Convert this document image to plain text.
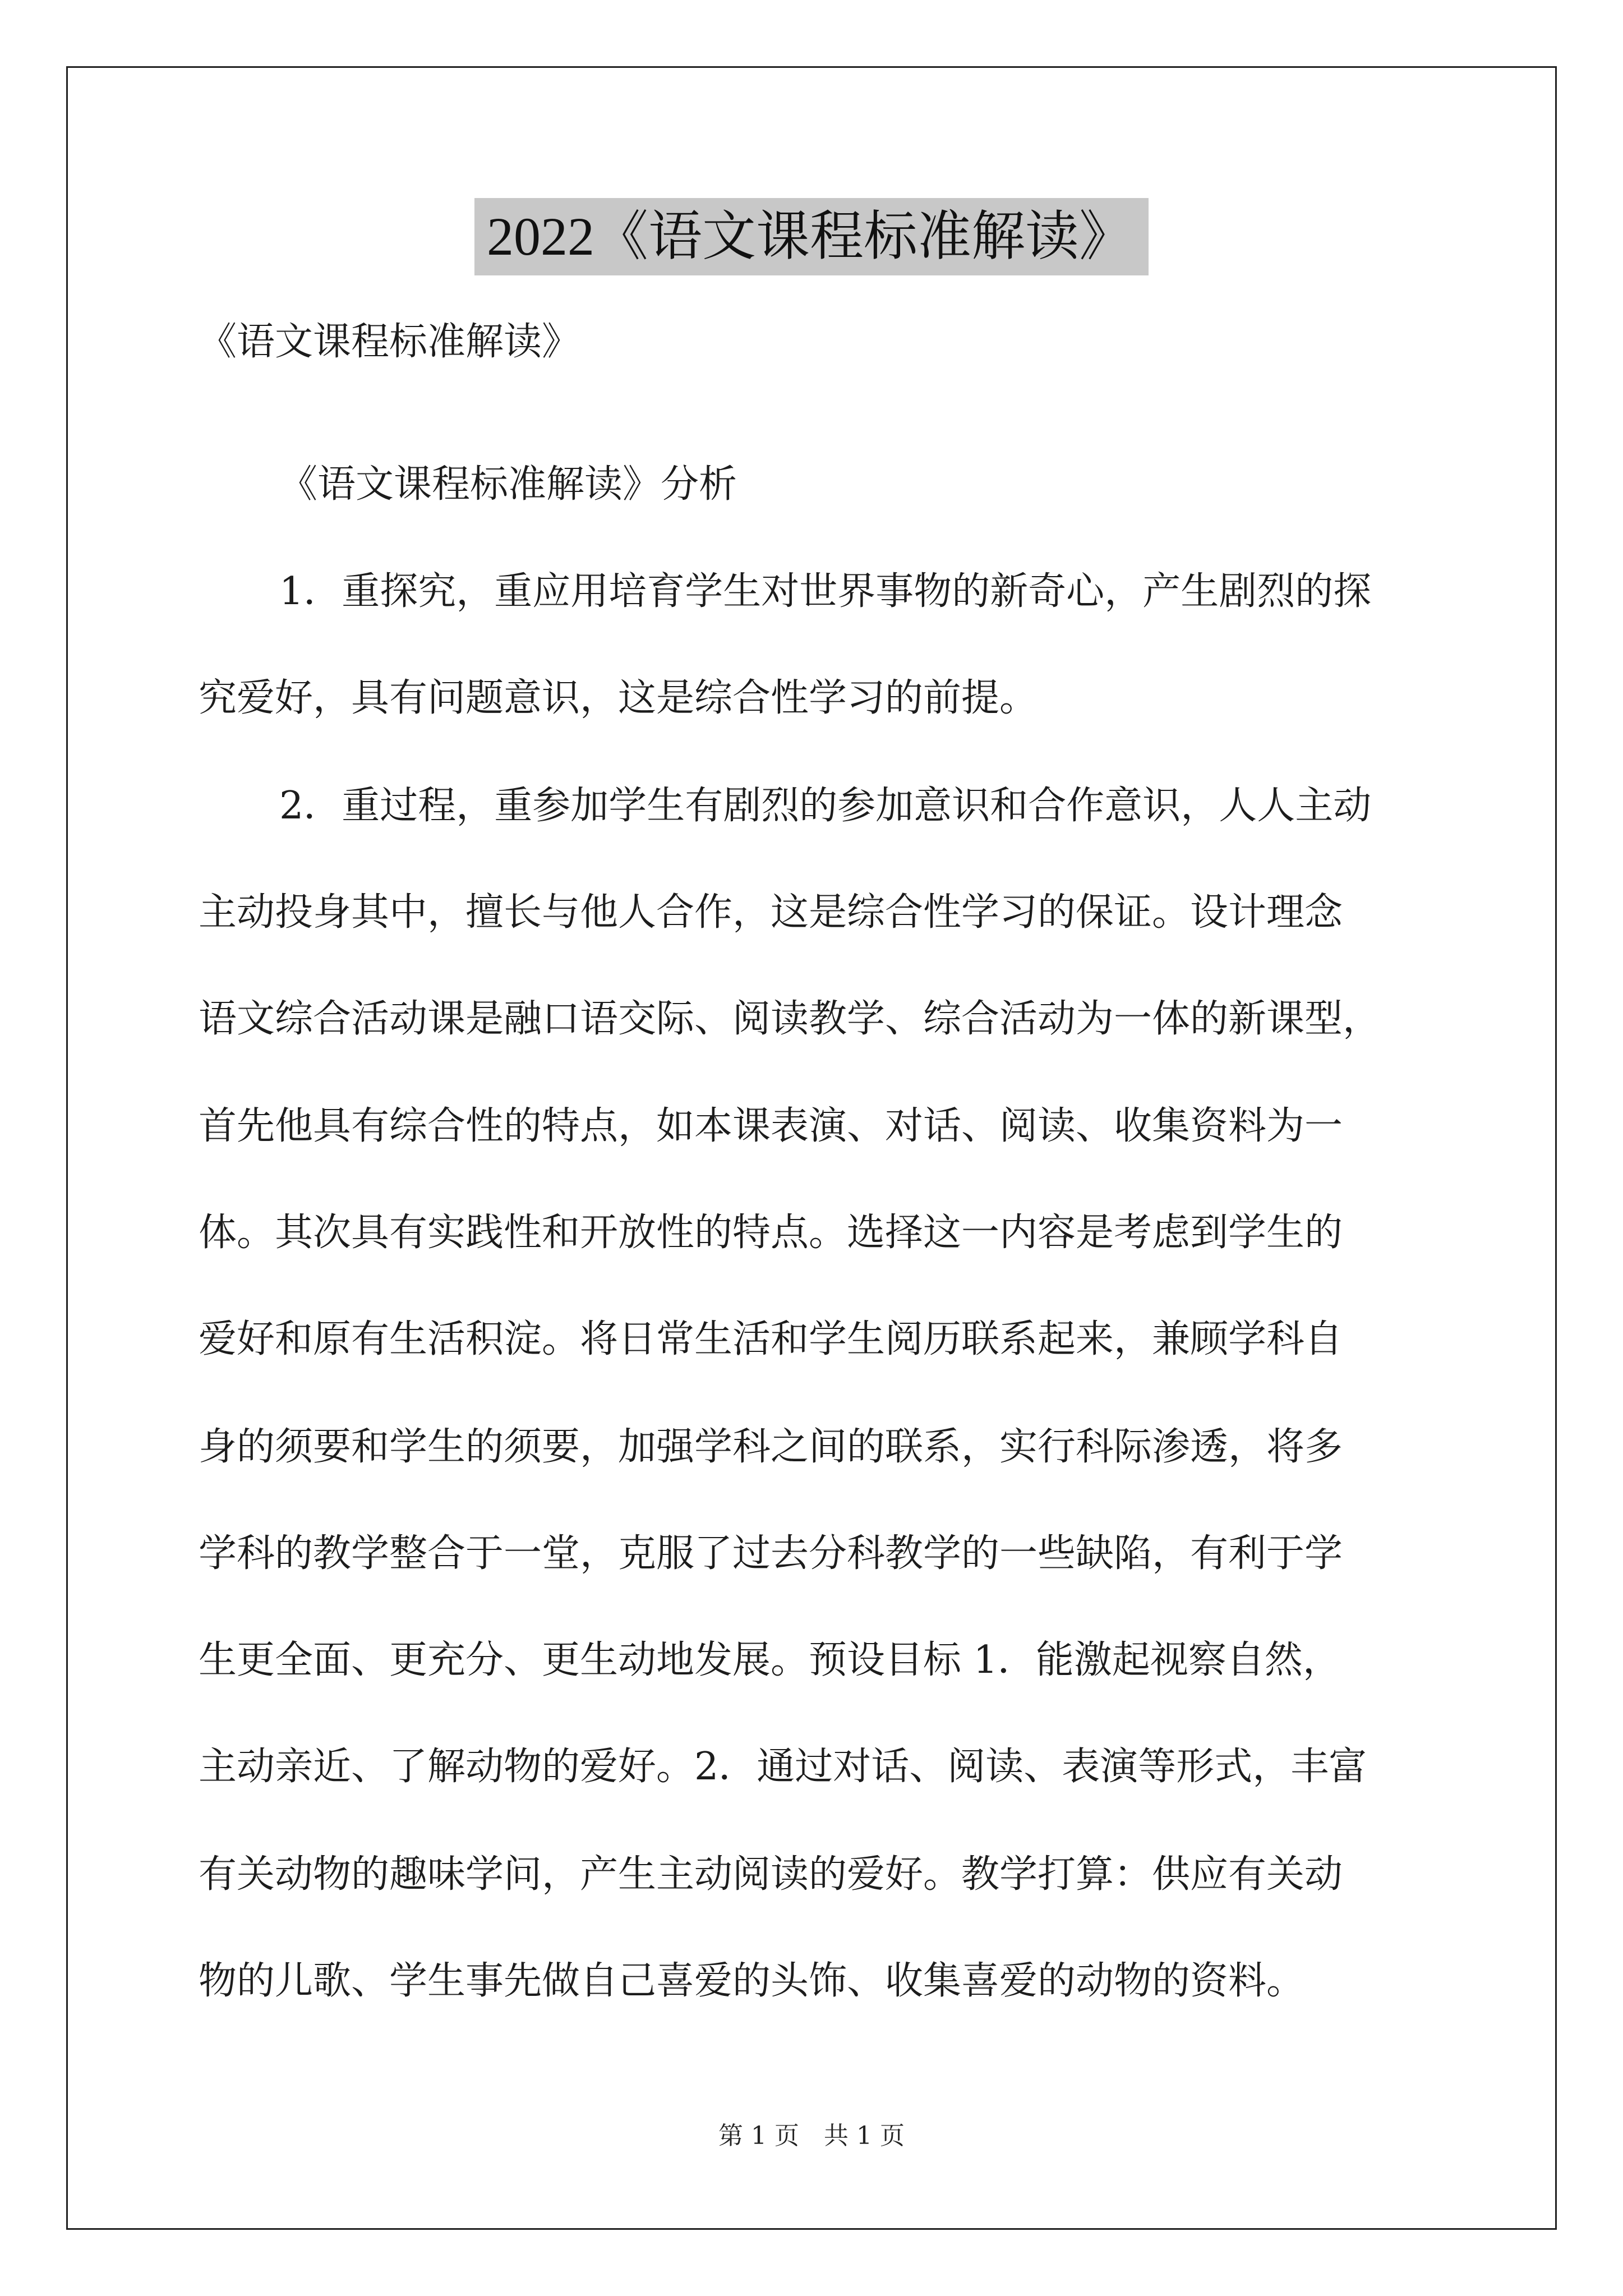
2022《语文课程标准解读》
《语文课程标准解读》
《语文课程标准解读》分析
1．重探究，重应用培育学生对世界事物的新奇心，产生剧烈的探
究爱好，具有问题意识，这是综合性学习的前提。
2．重过程，重参加学生有剧烈的参加意识和合作意识，人人主动
主动投身其中，擅长与他人合作，这是综合性学习的保证。设计理念
语文综合活动课是融口语交际、阅读教学、综合活动为一体的新课型，
首先他具有综合性的特点，如本课表演、对话、阅读、收集资料为一
体。其次具有实践性和开放性的特点。选择这一内容是考虑到学生的
爱好和原有生活积淀。将日常生活和学生阅历联系起来，兼顾学科自
身的须要和学生的须要，加强学科之间的联系，实行科际渗透，将多
学科的教学整合于一堂，克服了过去分科教学的一些缺陷，有利于学
生更全面、更充分、更生动地发展。预设目标 1．能激起视察自然，
主动亲近、了解动物的爱好。2．通过对话、阅读、表演等形式，丰富
有关动物的趣味学问，产生主动阅读的爱好。教学打算：供应有关动
物的儿歌、学生事先做自己喜爱的头饰、收集喜爱的动物的资料。
第 1 页　共 1 页
